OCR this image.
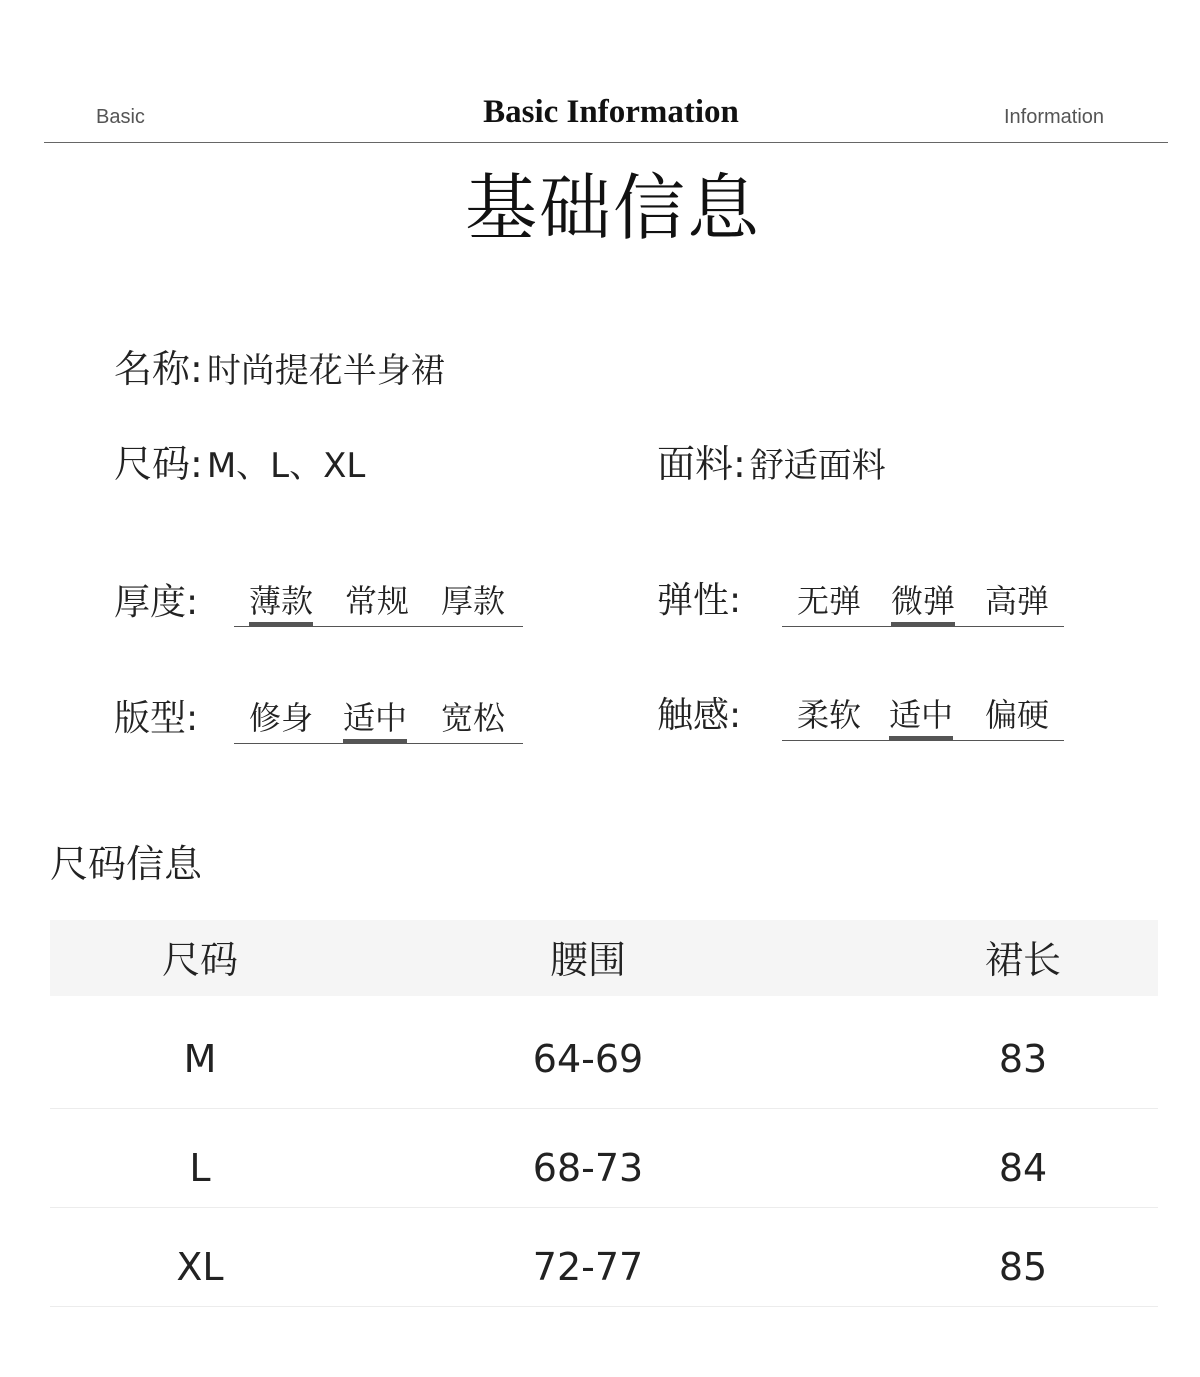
Basic	Basic Information	Information
基础信息
名称: 时尚提花半身裙
尺码: M、L、XL	面料: 舒适面料
厚度: 薄款 常规 厚款	弹性: 无弹 微弹 高弹
版型: 修身 适中 宽松	触感: 柔软 适中 偏硬
尺码信息
尺码	腰围	裙长
M	64-69	83
L	68-73	84
XL	72-77	85
